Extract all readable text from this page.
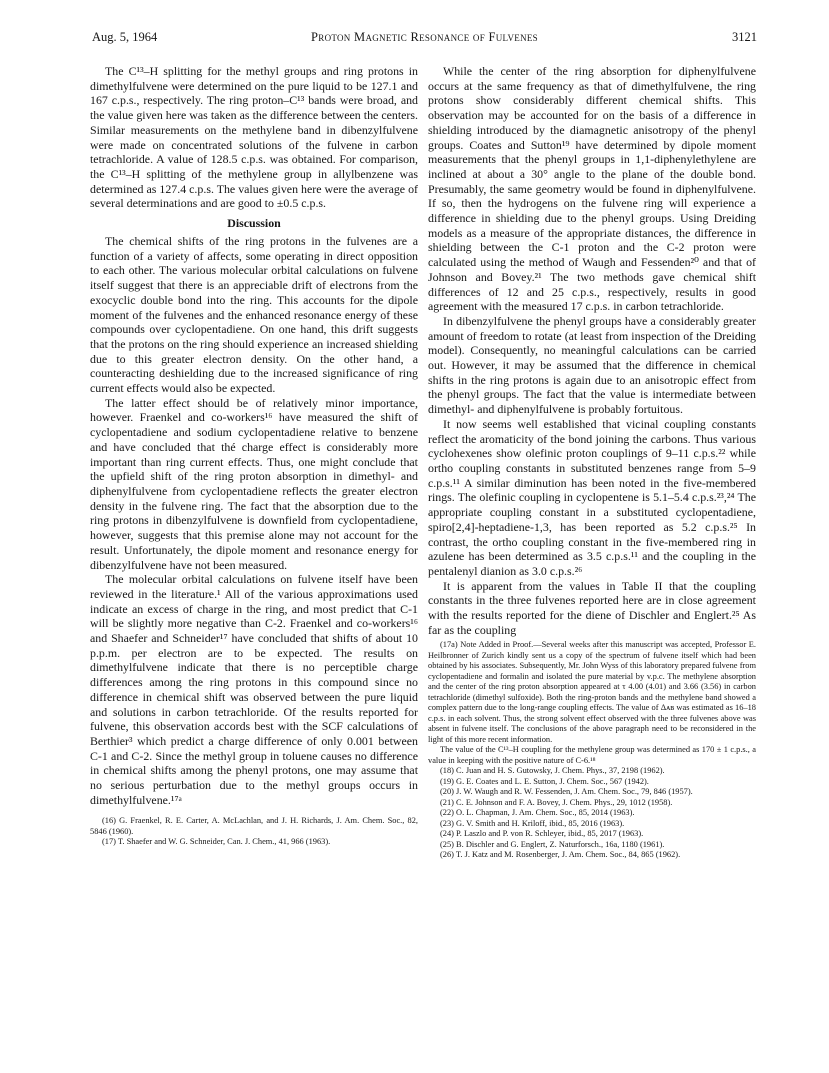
Aug. 5, 1964	Proton Magnetic Resonance of Fulvenes	3121

The C¹³–H splitting for the methyl groups and ring protons in dimethylfulvene were determined on the pure liquid to be 127.1 and 167 c.p.s., respectively. The ring proton–C¹³ bands were broad, and the value given here was taken as the difference between the centers. Similar measurements on the methylene band in dibenzylfulvene were made on concentrated solutions of the fulvene in carbon tetrachloride. A value of 128.5 c.p.s. was obtained. For comparison, the C¹³–H splitting of the methylene group in allylbenzene was determined as 127.4 c.p.s. The values given here were the average of several determinations and are good to ±0.5 c.p.s.

Discussion

The chemical shifts of the ring protons in the fulvenes are a function of a variety of affects, some operating in direct opposition to each other. The various molecular orbital calculations on fulvene itself suggest that there is an appreciable drift of electrons from the exocyclic double bond into the ring. This accounts for the dipole moment of the fulvenes and the enhanced resonance energy of these compounds over cyclopentadiene. On one hand, this drift suggests that the protons on the ring should experience an increased shielding due to this greater electron density. On the other hand, a counteracting deshielding due to the increased significance of ring current effects would also be expected.

The latter effect should be of relatively minor importance, however. Fraenkel and co-workers¹⁶ have measured the shift of cyclopentadiene and sodium cyclopentadiene relative to benzene and have concluded that thé charge effect is considerably more important than ring current effects. Thus, one might conclude that the upfield shift of the ring proton absorption in dimethyl- and diphenylfulvene from cyclopentadiene reflects the greater electron density in the fulvene ring. The fact that the absorption due to the ring protons in dibenzylfulvene is downfield from cyclopentadiene, however, suggests that this premise alone may not account for the result. Unfortunately, the dipole moment and resonance energy for dibenzylfulvene have not been measured.

The molecular orbital calculations on fulvene itself have been reviewed in the literature.¹ All of the various approximations used indicate an excess of charge in the ring, and most predict that C-1 will be slightly more negative than C-2. Fraenkel and co-workers¹⁶ and Shaefer and Schneider¹⁷ have concluded that shifts of about 10 p.p.m. per electron are to be expected. The results on dimethylfulvene indicate that there is no perceptible charge differences among the ring protons in this compound since no difference in chemical shift was observed between the pure liquid and solutions in carbon tetrachloride. Of the results reported for fulvene, this observation accords best with the SCF calculations of Berthier³ which predict a charge difference of only 0.001 between C-1 and C-2. Since the methyl group in toluene causes no difference in chemical shifts among the phenyl protons, one may assume that no serious perturbation due to the methyl groups occurs in dimethylfulvene.¹⁷ᵃ

(16) G. Fraenkel, R. E. Carter, A. McLachlan, and J. H. Richards, J. Am. Chem. Soc., 82, 5846 (1960).

(17) T. Shaefer and W. G. Schneider, Can. J. Chem., 41, 966 (1963).

While the center of the ring absorption for diphenylfulvene occurs at the same frequency as that of dimethylfulvene, the ring protons show considerably different chemical shifts. This observation may be accounted for on the basis of a difference in shielding introduced by the diamagnetic anisotropy of the phenyl groups. Coates and Sutton¹⁹ have determined by dipole moment measurements that the phenyl groups in 1,1-diphenylethylene are inclined at about a 30° angle to the plane of the double bond. Presumably, the same geometry would be found in diphenylfulvene. If so, then the hydrogens on the fulvene ring will experience a difference in shielding due to the phenyl groups. Using Dreiding models as a measure of the appropriate distances, the difference in shielding between the C-1 proton and the C-2 proton were calculated using the method of Waugh and Fessenden²⁰ and that of Johnson and Bovey.²¹ The two methods gave chemical shift differences of 12 and 25 c.p.s., respectively, results in good agreement with the measured 17 c.p.s. in carbon tetrachloride.

In dibenzylfulvene the phenyl groups have a considerably greater amount of freedom to rotate (at least from inspection of the Dreiding model). Consequently, no meaningful calculations can be carried out. However, it may be assumed that the difference in chemical shifts in the ring protons is again due to an anisotropic effect from the phenyl groups. The fact that the value is intermediate between dimethyl- and diphenylfulvene is probably fortuitous.

It now seems well established that vicinal coupling constants reflect the aromaticity of the bond joining the carbons. Thus various cyclohexenes show olefinic proton couplings of 9–11 c.p.s.²² while ortho coupling constants in substituted benzenes range from 5–9 c.p.s.¹¹ A similar diminution has been noted in the five-membered rings. The olefinic coupling in cyclopentene is 5.1–5.4 c.p.s.²³,²⁴ The appropriate coupling constant in a substituted cyclopentadiene, spiro[2,4]-heptadiene-1,3, has been reported as 5.2 c.p.s.²⁵ In contrast, the ortho coupling constant in the five-membered ring in azulene has been determined as 3.5 c.p.s.¹¹ and the coupling in the pentalenyl dianion as 3.0 c.p.s.²⁶

It is apparent from the values in Table II that the coupling constants in the three fulvenes reported here are in close agreement with the results reported for the diene of Dischler and Englert.²⁵ As far as the coupling

(17a) Note Added in Proof.—Several weeks after this manuscript was accepted, Professor E. Heilbronner of Zurich kindly sent us a copy of the spectrum of fulvene itself which had been obtained by his associates. Subsequently, Mr. John Wyss of this laboratory prepared fulvene from cyclopentadiene and formalin and isolated the pure material by v.p.c. The methylene absorption and the center of the ring proton absorption appeared at τ 4.00 (4.01) and 3.66 (3.56) in carbon tetrachloride (dimethyl sulfoxide). Both the ring-proton bands and the methylene band showed a complex pattern due to the long-range coupling effects. The value of Δᴀʙ was estimated as 16–18 c.p.s. in each solvent. Thus, the strong solvent effect observed with the three fulvenes above was absent in fulvene itself. The conclusions of the above paragraph need to be reconsidered in the light of this more recent information.

The value of the C¹³–H coupling for the methylene group was determined as 170 ± 1 c.p.s., a value in keeping with the positive nature of C-6.¹⁸

(18) C. Juan and H. S. Gutowsky, J. Chem. Phys., 37, 2198 (1962).

(19) G. E. Coates and L. E. Sutton, J. Chem. Soc., 567 (1942).

(20) J. W. Waugh and R. W. Fessenden, J. Am. Chem. Soc., 79, 846 (1957).

(21) C. E. Johnson and F. A. Bovey, J. Chem. Phys., 29, 1012 (1958).

(22) O. L. Chapman, J. Am. Chem. Soc., 85, 2014 (1963).

(23) G. V. Smith and H. Kriloff, ibid., 85, 2016 (1963).

(24) P. Laszlo and P. von R. Schleyer, ibid., 85, 2017 (1963).

(25) B. Dischler and G. Englert, Z. Naturforsch., 16a, 1180 (1961).

(26) T. J. Katz and M. Rosenberger, J. Am. Chem. Soc., 84, 865 (1962).
